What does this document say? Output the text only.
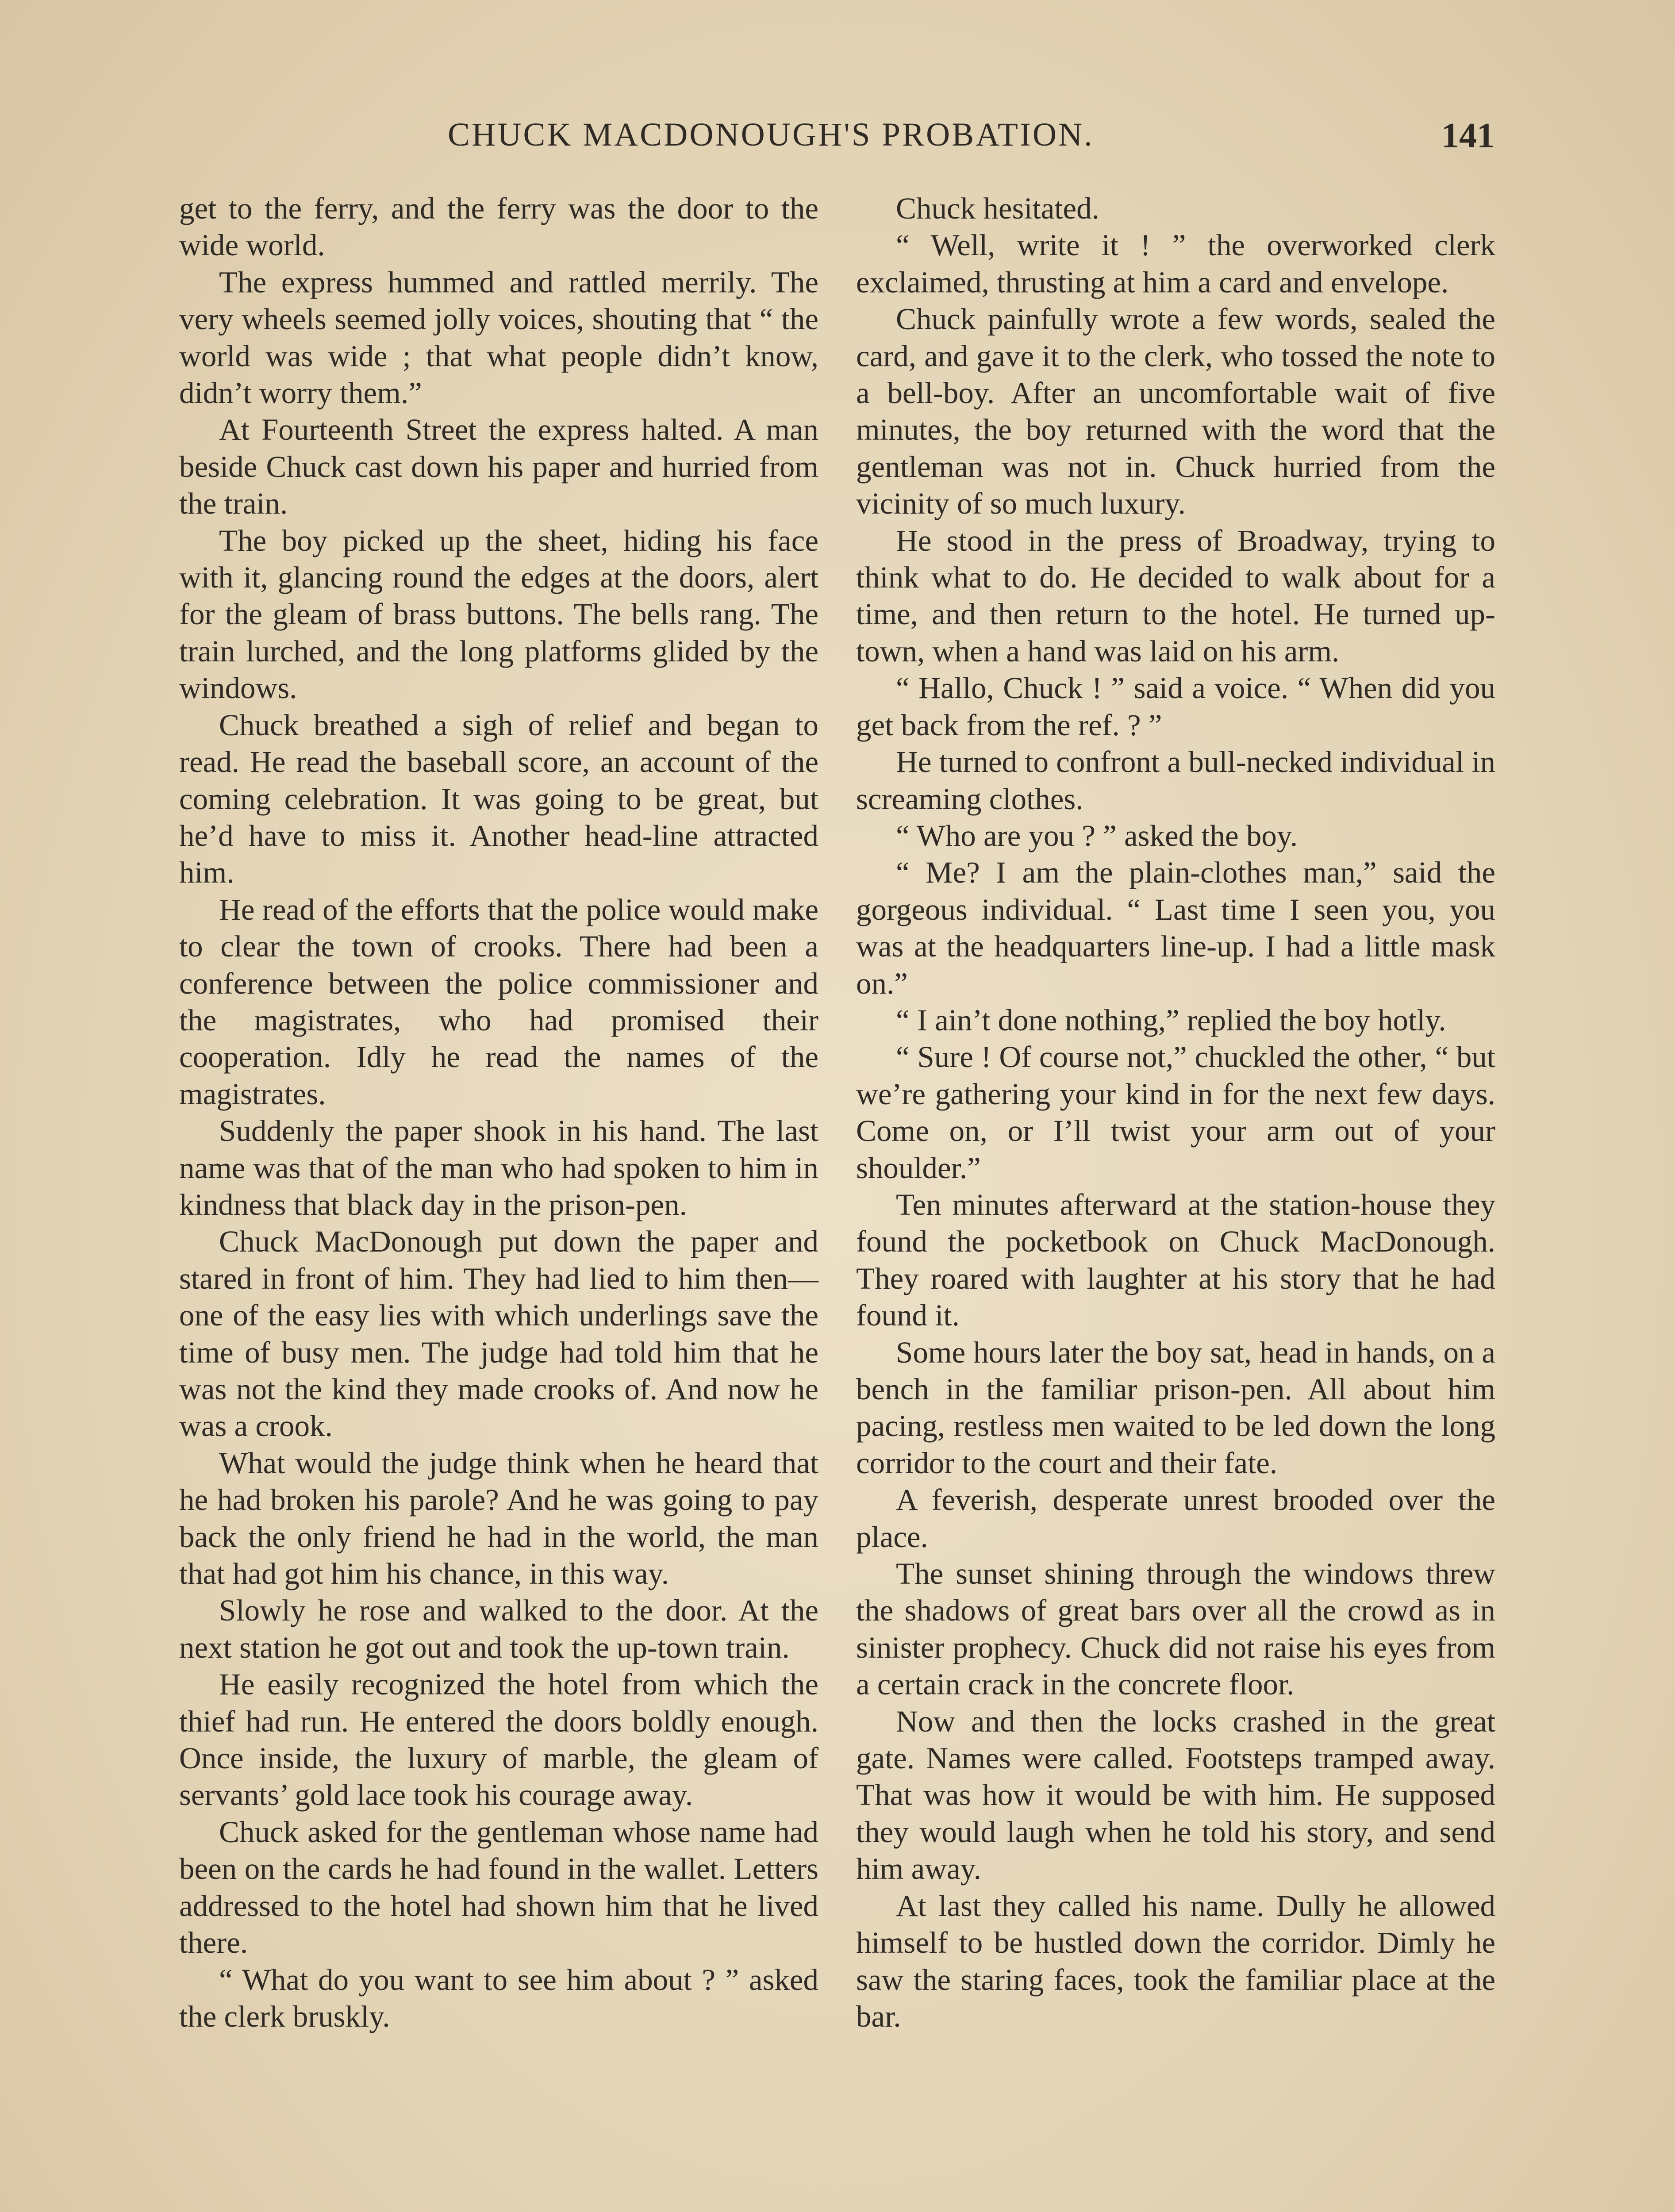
CHUCK MACDONOUGH'S PROBATION.	141

get to the ferry, and the ferry was the door to the wide world.

The express hummed and rattled merrily. The very wheels seemed jolly voices, shouting that “ the world was wide ; that what people didn’t know, didn’t worry them.”

At Fourteenth Street the express halted. A man beside Chuck cast down his paper and hurried from the train.

The boy picked up the sheet, hiding his face with it, glancing round the edges at the doors, alert for the gleam of brass buttons. The bells rang. The train lurched, and the long platforms glided by the windows.

Chuck breathed a sigh of relief and began to read. He read the baseball score, an account of the coming celebration. It was going to be great, but he’d have to miss it. Another head-line attracted him.

He read of the efforts that the police would make to clear the town of crooks. There had been a conference between the police commissioner and the magistrates, who had promised their cooperation. Idly he read the names of the magistrates.

Suddenly the paper shook in his hand. The last name was that of the man who had spoken to him in kindness that black day in the prison-pen.

Chuck MacDonough put down the paper and stared in front of him. They had lied to him then—one of the easy lies with which underlings save the time of busy men. The judge had told him that he was not the kind they made crooks of. And now he was a crook.

What would the judge think when he heard that he had broken his parole? And he was going to pay back the only friend he had in the world, the man that had got him his chance, in this way.

Slowly he rose and walked to the door. At the next station he got out and took the up-town train.

He easily recognized the hotel from which the thief had run. He entered the doors boldly enough. Once inside, the luxury of marble, the gleam of servants’ gold lace took his courage away.

Chuck asked for the gentleman whose name had been on the cards he had found in the wallet. Letters addressed to the hotel had shown him that he lived there.

“ What do you want to see him about ? ” asked the clerk bruskly.

Chuck hesitated.

“ Well, write it ! ” the overworked clerk exclaimed, thrusting at him a card and envelope.

Chuck painfully wrote a few words, sealed the card, and gave it to the clerk, who tossed the note to a bell-boy. After an uncomfortable wait of five minutes, the boy returned with the word that the gentleman was not in. Chuck hurried from the vicinity of so much luxury.

He stood in the press of Broadway, trying to think what to do. He decided to walk about for a time, and then return to the hotel. He turned up-town, when a hand was laid on his arm.

“ Hallo, Chuck ! ” said a voice. “ When did you get back from the ref. ? ”

He turned to confront a bull-necked individual in screaming clothes.

“ Who are you ? ” asked the boy.

“ Me? I am the plain-clothes man,” said the gorgeous individual. “ Last time I seen you, you was at the headquarters line-up. I had a little mask on.”

“ I ain’t done nothing,” replied the boy hotly.

“ Sure ! Of course not,” chuckled the other, “ but we’re gathering your kind in for the next few days. Come on, or I’ll twist your arm out of your shoulder.”

Ten minutes afterward at the station-house they found the pocketbook on Chuck MacDonough. They roared with laughter at his story that he had found it.

Some hours later the boy sat, head in hands, on a bench in the familiar prison-pen. All about him pacing, restless men waited to be led down the long corridor to the court and their fate.

A feverish, desperate unrest brooded over the place.

The sunset shining through the windows threw the shadows of great bars over all the crowd as in sinister prophecy. Chuck did not raise his eyes from a certain crack in the concrete floor.

Now and then the locks crashed in the great gate. Names were called. Footsteps tramped away. That was how it would be with him. He supposed they would laugh when he told his story, and send him away.

At last they called his name. Dully he allowed himself to be hustled down the corridor. Dimly he saw the staring faces, took the familiar place at the bar.
